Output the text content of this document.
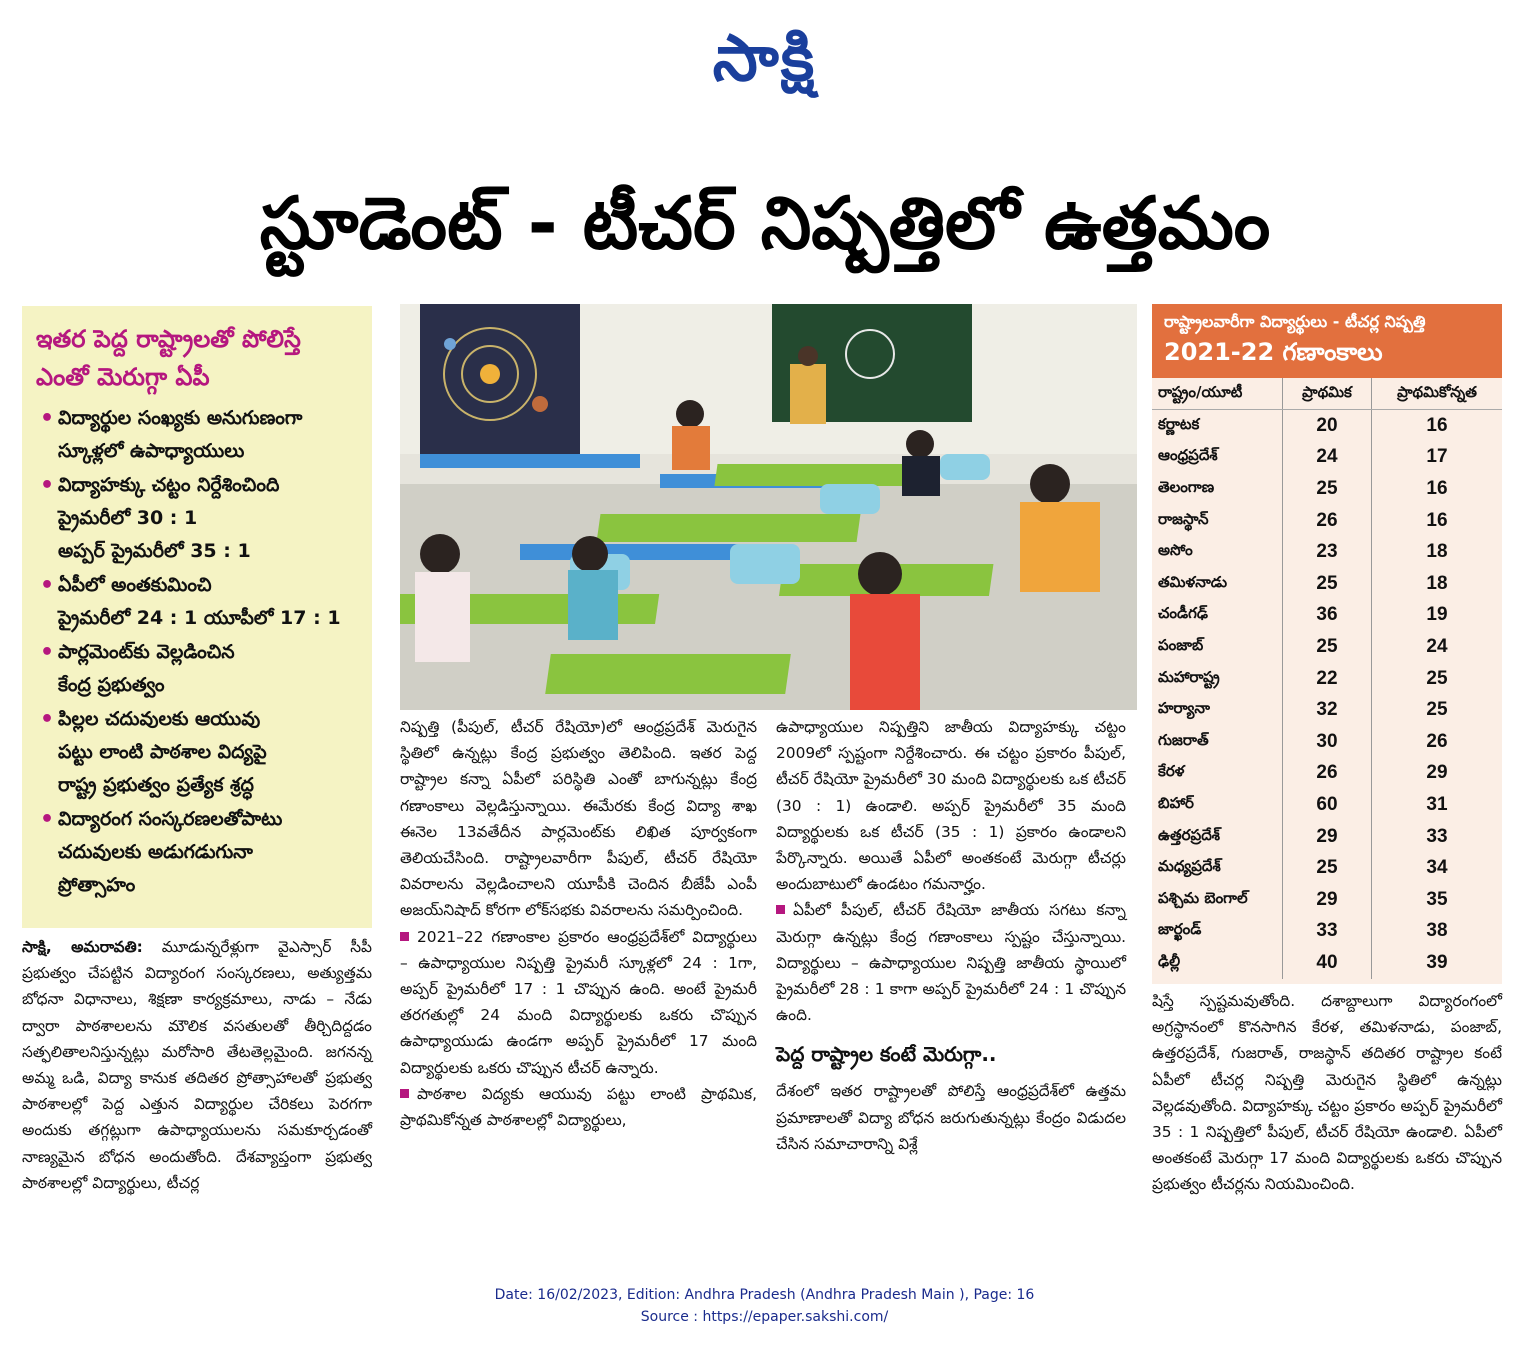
సాక్షి
స్టూడెంట్ - టీచర్ నిష్పత్తిలో ఉత్తమం
ఇతర పెద్ద రాష్ట్రాలతో పోలిస్తే
ఎంతో మెరుగ్గా ఏపీ
• విద్యార్థుల సంఖ్యకు అనుగుణంగా
స్కూళ్లలో ఉపాధ్యాయులు
• విద్యాహక్కు చట్టం నిర్దేశించింది
ప్రైమరీలో 30 : 1
అప్పర్ ప్రైమరీలో 35 : 1
• ఏపీలో అంతకుమించి
ప్రైమరీలో 24 : 1 యూపీలో 17 : 1
• పార్లమెంట్‌కు వెల్లడించిన
కేంద్ర ప్రభుత్వం
• పిల్లల చదువులకు ఆయువు
పట్టు లాంటి పాఠశాల విద్యపై
రాష్ట్ర ప్రభుత్వం ప్రత్యేక శ్రద్ధ
• విద్యారంగ సంస్కరణలతోపాటు
చదువులకు అడుగడుగునా
ప్రోత్సాహం
రాష్ట్రాలవారీగా విద్యార్థులు - టీచర్ల నిష్పత్తి
2021-22 గణాంకాలు
రాష్ట్రం/యూటీ	ప్రాథమిక	ప్రాథమికోన్నత
కర్ణాటక	20	16
ఆంధ్రప్రదేశ్	24	17
తెలంగాణ	25	16
రాజస్థాన్	26	16
అసోం	23	18
తమిళనాడు	25	18
చండీగఢ్	36	19
పంజాబ్	25	24
మహారాష్ట్ర	22	25
హర్యానా	32	25
గుజరాత్	30	26
కేరళ	26	29
బిహార్	60	31
ఉత్తరప్రదేశ్	29	33
మధ్యప్రదేశ్	25	34
పశ్చిమ బెంగాల్	29	35
జార్ఖండ్	33	38
ఢిల్లీ	40	39

సాక్షి, అమరావతి: మూడున్నరేళ్లుగా వైఎస్సార్ సీపీ ప్రభుత్వం చేపట్టిన విద్యారంగ సంస్కరణలు, అత్యుత్తమ బోధనా విధానాలు, శిక్షణా కార్యక్రమాలు, నాడు – నేడు ద్వారా పాఠశాలలను మౌలిక వసతులతో తీర్చిదిద్దడం సత్ఫలితాలనిస్తున్నట్లు మరోసారి తేటతెల్లమైంది. జగనన్న అమ్మ ఒడి, విద్యా కానుక తదితర ప్రోత్సాహాలతో ప్రభుత్వ పాఠశాలల్లో పెద్ద ఎత్తున విద్యార్థుల చేరికలు పెరగగా అందుకు తగ్గట్లుగా ఉపాధ్యాయులను సమకూర్చడంతో నాణ్యమైన బోధన అందుతోంది. దేశవ్యాప్తంగా ప్రభుత్వ పాఠశాలల్లో విద్యార్థులు, టీచర్ల

నిష్పత్తి (పీపుల్, టీచర్ రేషియో)లో ఆంధ్రప్రదేశ్ మెరుగైన స్థితిలో ఉన్నట్లు కేంద్ర ప్రభుత్వం తెలిపింది. ఇతర పెద్ద రాష్ట్రాల కన్నా ఏపీలో పరిస్థితి ఎంతో బాగున్నట్లు కేంద్ర గణాంకాలు వెల్లడిస్తున్నాయి. ఈమేరకు కేంద్ర విద్యా శాఖ ఈనెల 13వతేదీన పార్లమెంట్‌కు లిఖిత పూర్వకంగా తెలియచేసింది. రాష్ట్రాలవారీగా పీపుల్, టీచర్ రేషియో వివరాలను వెల్లడించాలని యూపీకి చెందిన బీజేపీ ఎంపీ అజయ్‌నిషాద్ కోరగా లోక్‌సభకు వివరాలను సమర్పించింది.

2021–22 గణాంకాల ప్రకారం ఆంధ్రప్రదేశ్‌లో విద్యార్థులు – ఉపాధ్యాయుల నిష్పత్తి ప్రైమరీ స్కూళ్లలో 24 : 1గా, అప్పర్ ప్రైమరీలో 17 : 1 చొప్పున ఉంది. అంటే ప్రైమరీ తరగతుల్లో 24 మంది విద్యార్థులకు ఒకరు చొప్పున ఉపాధ్యాయుడు ఉండగా అప్పర్ ప్రైమరీలో 17 మంది విద్యార్థులకు ఒకరు చొప్పున టీచర్ ఉన్నారు.

పాఠశాల విద్యకు ఆయువు పట్టు లాంటి ప్రాథమిక, ప్రాథమికోన్నత పాఠశాలల్లో విద్యార్థులు,

ఉపాధ్యాయుల నిష్పత్తిని జాతీయ విద్యాహక్కు చట్టం 2009లో స్పష్టంగా నిర్దేశించారు. ఈ చట్టం ప్రకారం పీపుల్, టీచర్ రేషియో ప్రైమరీలో 30 మంది విద్యార్థులకు ఒక టీచర్ (30 : 1) ఉండాలి. అప్పర్ ప్రైమరీలో 35 మంది విద్యార్థులకు ఒక టీచర్ (35 : 1) ప్రకారం ఉండాలని పేర్కొన్నారు. అయితే ఏపీలో అంతకంటే మెరుగ్గా టీచర్లు అందుబాటులో ఉండటం గమనార్హం.

ఏపీలో పీపుల్, టీచర్ రేషియో జాతీయ సగటు కన్నా మెరుగ్గా ఉన్నట్లు కేంద్ర గణాంకాలు స్పష్టం చేస్తున్నాయి. విద్యార్థులు – ఉపాధ్యాయుల నిష్పత్తి జాతీయ స్థాయిలో ప్రైమరీలో 28 : 1 కాగా అప్పర్ ప్రైమరీలో 24 : 1 చొప్పున ఉంది.

పెద్ద రాష్ట్రాల కంటే మెరుగ్గా..

దేశంలో ఇతర రాష్ట్రాలతో పోలిస్తే ఆంధ్రప్రదేశ్‌లో ఉత్తమ ప్రమాణాలతో విద్యా బోధన జరుగుతున్నట్లు కేంద్రం విడుదల చేసిన సమాచారాన్ని విశ్లే

షిస్తే స్పష్టమవుతోంది. దశాబ్దాలుగా విద్యారంగంలో అగ్రస్థానంలో కొనసాగిన కేరళ, తమిళనాడు, పంజాబ్, ఉత్తరప్రదేశ్, గుజరాత్, రాజస్థాన్ తదితర రాష్ట్రాల కంటే ఏపీలో టీచర్ల నిష్పత్తి మెరుగైన స్థితిలో ఉన్నట్లు వెల్లడవుతోంది. విద్యాహక్కు చట్టం ప్రకారం అప్పర్ ప్రైమరీలో 35 : 1 నిష్పత్తిలో పీపుల్, టీచర్ రేషియో ఉండాలి. ఏపీలో అంతకంటే మెరుగ్గా 17 మంది విద్యార్థులకు ఒకరు చొప్పున ప్రభుత్వం టీచర్లను నియమించింది.

Date: 16/02/2023, Edition: Andhra Pradesh (Andhra Pradesh Main ), Page: 16
Source : https://epaper.sakshi.com/
